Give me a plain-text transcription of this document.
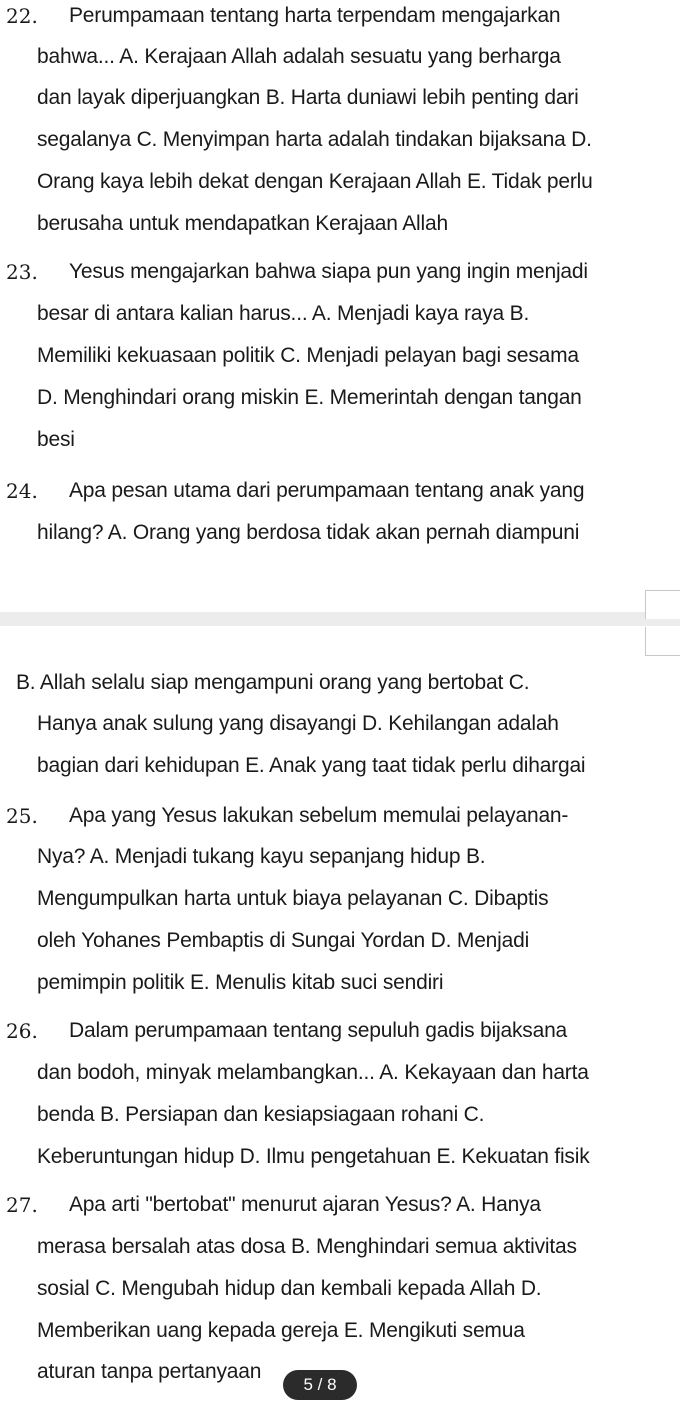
22. Perumpamaan tentang harta terpendam mengajarkan
bahwa... A. Kerajaan Allah adalah sesuatu yang berharga
dan layak diperjuangkan B. Harta duniawi lebih penting dari
segalanya C. Menyimpan harta adalah tindakan bijaksana D.
Orang kaya lebih dekat dengan Kerajaan Allah E. Tidak perlu
berusaha untuk mendapatkan Kerajaan Allah
23. Yesus mengajarkan bahwa siapa pun yang ingin menjadi
besar di antara kalian harus... A. Menjadi kaya raya B.
Memiliki kekuasaan politik C. Menjadi pelayan bagi sesama
D. Menghindari orang miskin E. Memerintah dengan tangan
besi
24. Apa pesan utama dari perumpamaan tentang anak yang
hilang? A. Orang yang berdosa tidak akan pernah diampuni
B. Allah selalu siap mengampuni orang yang bertobat C.
Hanya anak sulung yang disayangi D. Kehilangan adalah
bagian dari kehidupan E. Anak yang taat tidak perlu dihargai
25. Apa yang Yesus lakukan sebelum memulai pelayanan-
Nya? A. Menjadi tukang kayu sepanjang hidup B.
Mengumpulkan harta untuk biaya pelayanan C. Dibaptis
oleh Yohanes Pembaptis di Sungai Yordan D. Menjadi
pemimpin politik E. Menulis kitab suci sendiri
26. Dalam perumpamaan tentang sepuluh gadis bijaksana
dan bodoh, minyak melambangkan... A. Kekayaan dan harta
benda B. Persiapan dan kesiapsiagaan rohani C.
Keberuntungan hidup D. Ilmu pengetahuan E. Kekuatan fisik
27. Apa arti "bertobat" menurut ajaran Yesus? A. Hanya
merasa bersalah atas dosa B. Menghindari semua aktivitas
sosial C. Mengubah hidup dan kembali kepada Allah D.
Memberikan uang kepada gereja E. Mengikuti semua
aturan tanpa pertanyaan
5 / 8
